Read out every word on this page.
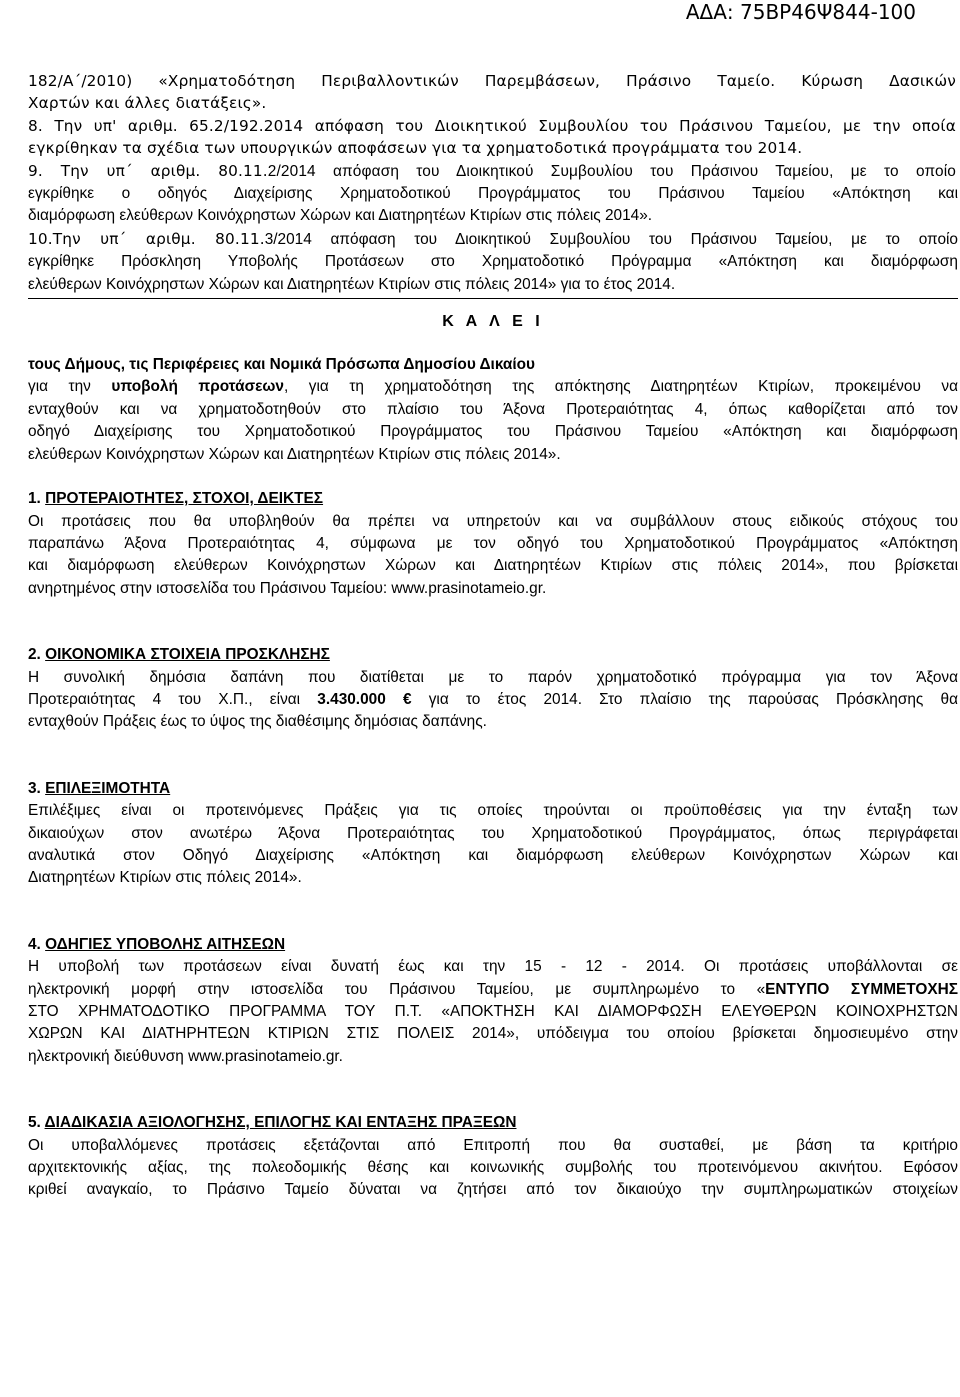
ΑΔΑ: 75ΒΡ46Ψ844-100
182/Α΄/2010) «Χρηματοδότηση Περιβαλλοντικών Παρεμβάσεων, Πράσινο Ταμείο. Κύρωση Δασικών
Χαρτών και άλλες διατάξεις».
8. Την υπ' αριθμ. 65.2/192.2014 απόφαση του Διοικητικού Συμβουλίου του Πράσινου Ταμείου, με την οποία
εγκρίθηκαν τα σχέδια των υπουργικών αποφάσεων για τα χρηματοδοτικά προγράμματα του 2014.
9. Την υπ΄ αριθμ. 80.11.2/2014 απόφαση του Διοικητικού Συμβουλίου του Πράσινου Ταμείου, με το οποίο
εγκρίθηκε ο οδηγός Διαχείρισης Χρηματοδοτικού Προγράμματος του Πράσινου Ταμείου «Απόκτηση και
διαμόρφωση ελεύθερων Κοινόχρηστων Χώρων και Διατηρητέων Κτιρίων στις πόλεις 2014».
10.Την υπ΄ αριθμ. 80.11.3/2014 απόφαση του Διοικητικού Συμβουλίου του Πράσινου Ταμείου, με το οποίο
εγκρίθηκε Πρόσκληση Υποβολής Προτάσεων στο Χρηματοδοτικό Πρόγραμμα «Απόκτηση και διαμόρφωση
ελεύθερων Κοινόχρηστων Χώρων και Διατηρητέων Κτιρίων στις πόλεις 2014» για το έτος 2014.

Κ Α Λ Ε Ι

τους Δήμους, τις Περιφέρειες και Νομικά Πρόσωπα Δημοσίου Δικαίου

για την υποβολή προτάσεων, για τη χρηματοδότηση της απόκτησης Διατηρητέων Κτιρίων, προκειμένου να
ενταχθούν και να χρηματοδοτηθούν στο πλαίσιο του Άξονα Προτεραιότητας 4, όπως καθορίζεται από τον
οδηγό Διαχείρισης του Χρηματοδοτικού Προγράμματος του Πράσινου Ταμείου «Απόκτηση και διαμόρφωση
ελεύθερων Κοινόχρηστων Χώρων και Διατηρητέων Κτιρίων στις πόλεις 2014».

1. ΠΡΟΤΕΡΑΙΟΤΗΤΕΣ, ΣΤΟΧΟΙ, ΔΕΙΚΤΕΣ

Οι προτάσεις που θα υποβληθούν θα πρέπει να υπηρετούν και να συμβάλλουν στους ειδικούς στόχους του
παραπάνω Άξονα Προτεραιότητας 4, σύμφωνα με τον οδηγό του Χρηματοδοτικού Προγράμματος «Απόκτηση
και διαμόρφωση ελεύθερων Κοινόχρηστων Χώρων και Διατηρητέων Κτιρίων στις πόλεις 2014», που βρίσκεται
ανηρτημένος στην ιστοσελίδα του Πράσινου Ταμείου: www.prasinotameio.gr.

2. ΟΙΚΟΝΟΜΙΚΑ ΣΤΟΙΧΕΙΑ ΠΡΟΣΚΛΗΣΗΣ

Η συνολική δημόσια δαπάνη που διατίθεται με το παρόν χρηματοδοτικό πρόγραμμα για τον Άξονα
Προτεραιότητας 4 του Χ.Π., είναι 3.430.000 € για το έτος 2014. Στο πλαίσιο της παρούσας Πρόσκλησης θα
ενταχθούν Πράξεις έως το ύψος της διαθέσιμης δημόσιας δαπάνης.

3. ΕΠΙΛΕΞΙΜΟΤΗΤΑ

Επιλέξιμες είναι οι προτεινόμενες Πράξεις για τις οποίες τηρούνται οι προϋποθέσεις για την ένταξη των
δικαιούχων στον ανωτέρω Άξονα Προτεραιότητας του Χρηματοδοτικού Προγράμματος, όπως περιγράφεται
αναλυτικά στον Οδηγό Διαχείρισης «Απόκτηση και διαμόρφωση ελεύθερων Κοινόχρηστων Χώρων και
Διατηρητέων Κτιρίων στις πόλεις 2014».

4. ΟΔΗΓΙΕΣ ΥΠΟΒΟΛΗΣ ΑΙΤΗΣΕΩΝ

Η υποβολή των προτάσεων είναι δυνατή έως και την 15 - 12 - 2014. Οι προτάσεις υποβάλλονται σε
ηλεκτρονική μορφή στην ιστοσελίδα του Πράσινου Ταμείου, με συμπληρωμένο το «ΕΝΤΥΠΟ ΣΥΜΜΕΤΟΧΗΣ
ΣΤΟ ΧΡΗΜΑΤΟΔΟΤΙΚΟ ΠΡΟΓΡΑΜΜΑ ΤΟΥ Π.Τ. «ΑΠΟΚΤΗΣΗ ΚΑΙ ΔΙΑΜΟΡΦΩΣΗ ΕΛΕΥΘΕΡΩΝ ΚΟΙΝΟΧΡΗΣΤΩΝ
ΧΩΡΩΝ ΚΑΙ ΔΙΑΤΗΡΗΤΕΩΝ ΚΤΙΡΙΩΝ ΣΤΙΣ ΠΟΛΕΙΣ 2014», υπόδειγμα του οποίου βρίσκεται δημοσιευμένο στην
ηλεκτρονική διεύθυνση www.prasinotameio.gr.

5. ΔΙΑΔΙΚΑΣΙΑ ΑΞΙΟΛΟΓΗΣΗΣ, ΕΠΙΛΟΓΗΣ ΚΑΙ ΕΝΤΑΞΗΣ ΠΡΑΞΕΩΝ

Οι υποβαλλόμενες προτάσεις εξετάζονται από Επιτροπή που θα συσταθεί, με βάση τα κριτήριο
αρχιτεκτονικής αξίας, της πολεοδομικής θέσης και κοινωνικής συμβολής του προτεινόμενου ακινήτου. Εφόσον
κριθεί αναγκαίο, το Πράσινο Ταμείο δύναται να ζητήσει από τον δικαιούχο την συμπληρωματικών στοιχείων
